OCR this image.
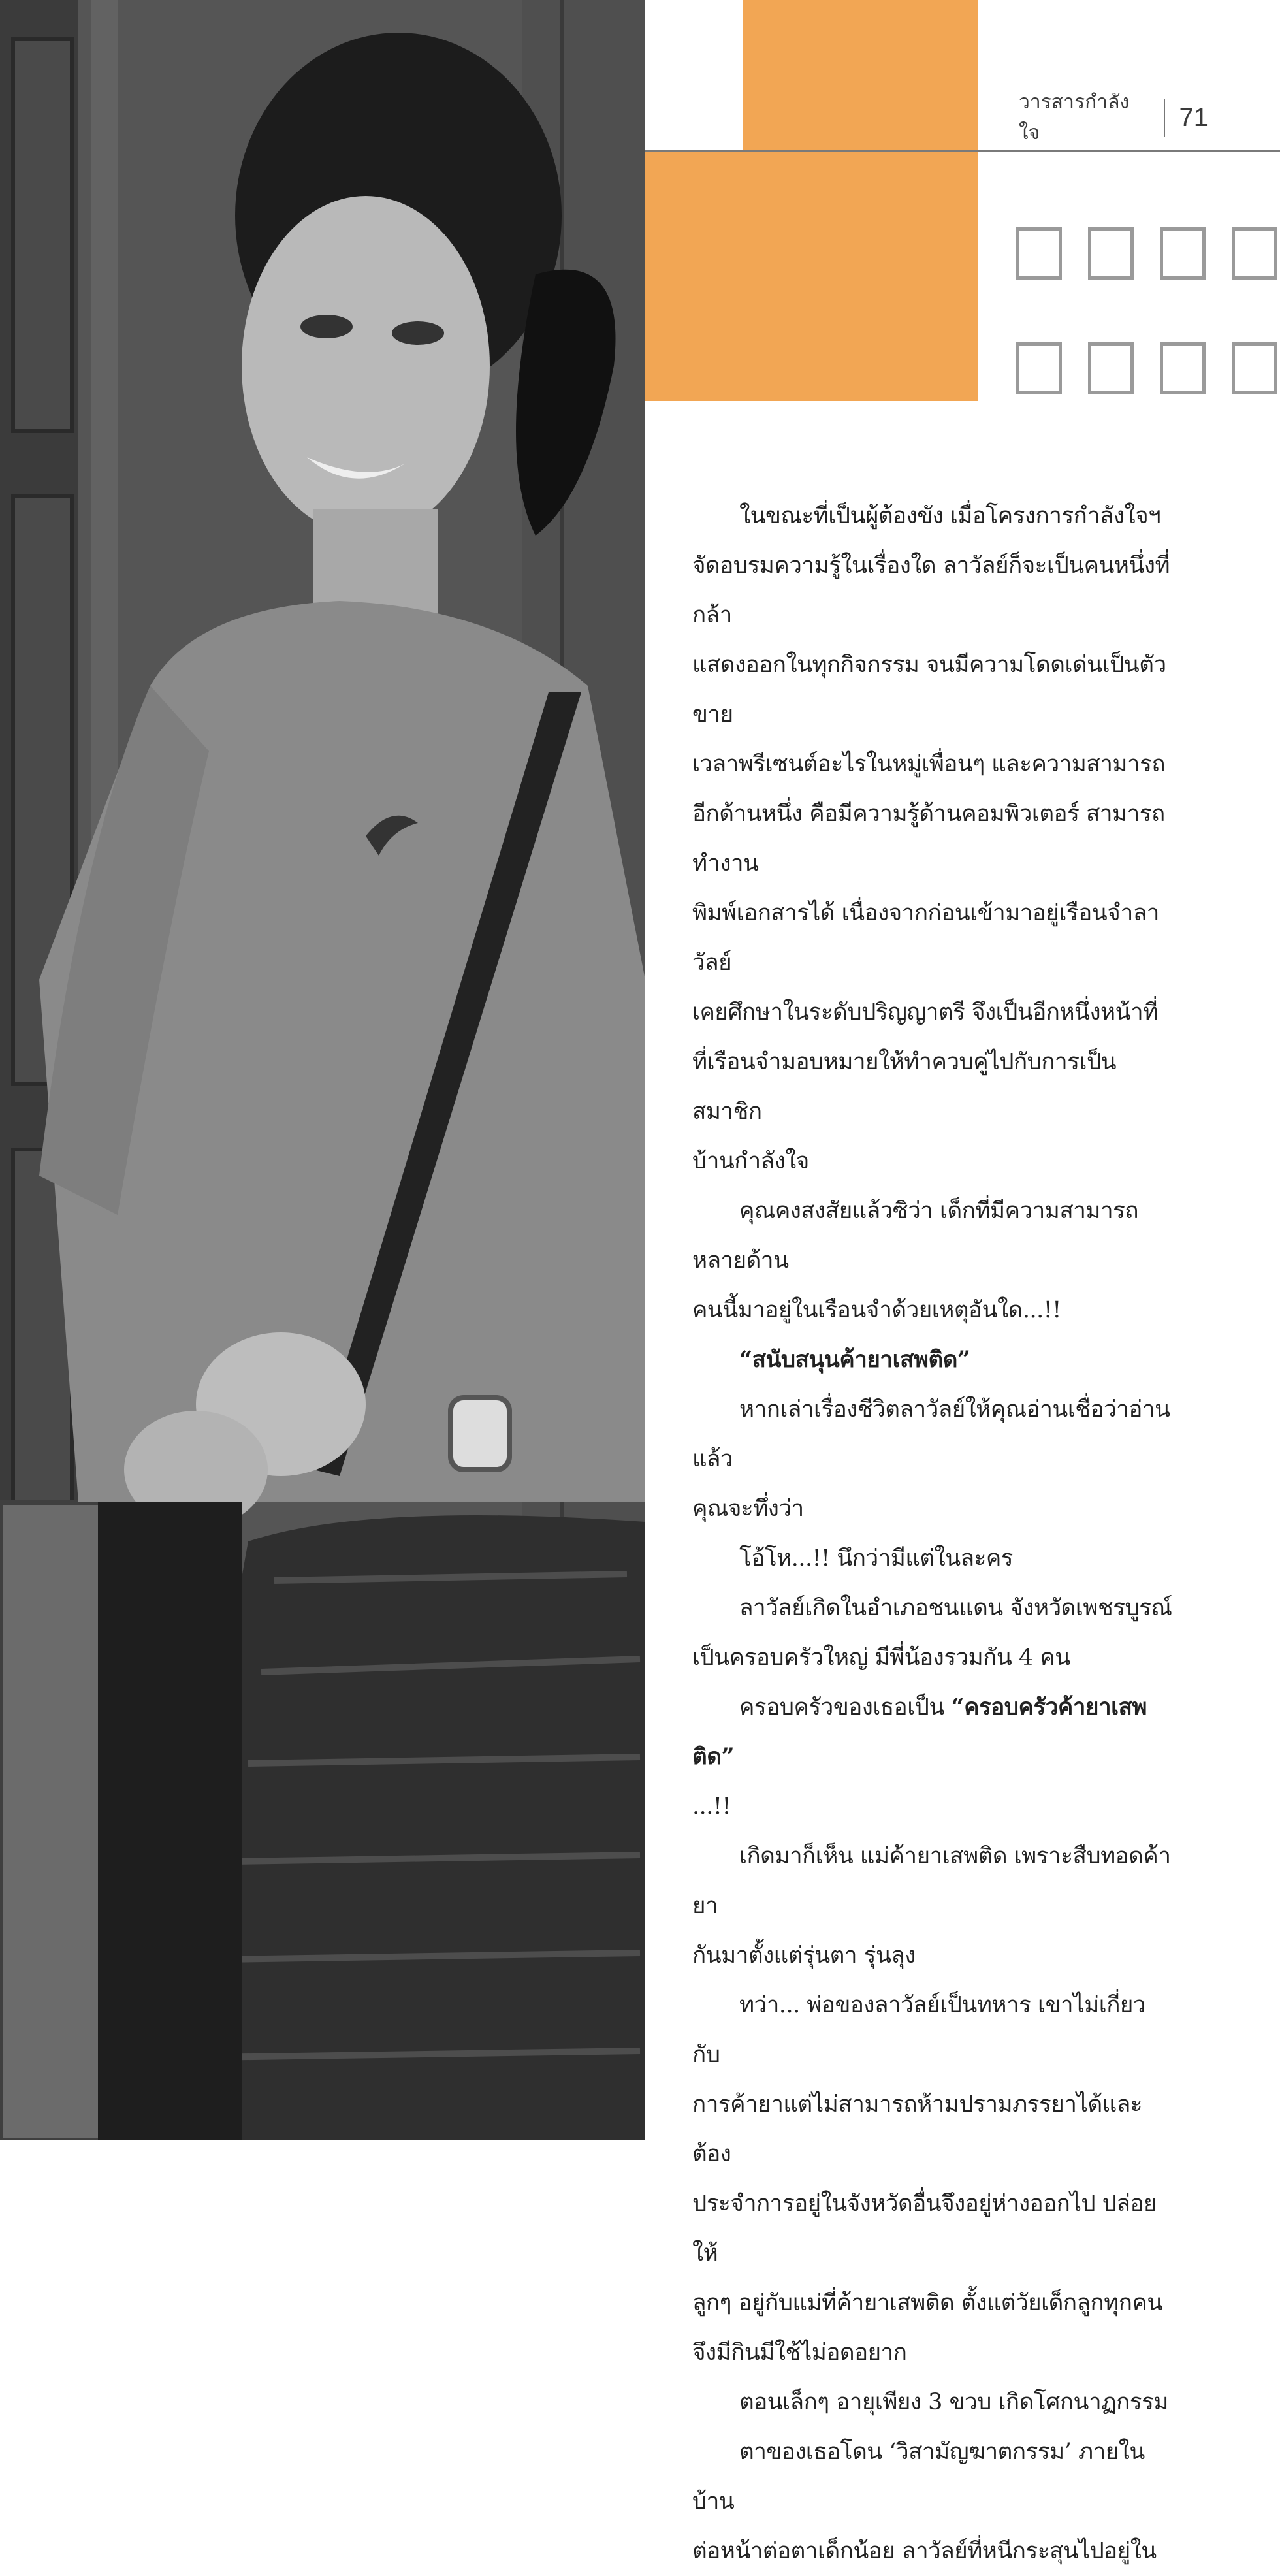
วารสารกำลังใจ
71
ในขณะที่เป็นผู้ต้องขัง เมื่อโครงการกำลังใจฯ
จัดอบรมความรู้ในเรื่องใด ลาวัลย์ก็จะเป็นคนหนึ่งที่กล้า
แสดงออกในทุกกิจกรรม จนมีความโดดเด่นเป็นตัวขาย
เวลาพรีเซนต์อะไรในหมู่เพื่อนๆ และความสามารถ
อีกด้านหนึ่ง คือมีความรู้ด้านคอมพิวเตอร์ สามารถทำงาน
พิมพ์เอกสารได้ เนื่องจากก่อนเข้ามาอยู่เรือนจำลาวัลย์
เคยศึกษาในระดับปริญญาตรี จึงเป็นอีกหนึ่งหน้าที่
ที่เรือนจำมอบหมายให้ทำควบคู่ไปกับการเป็นสมาชิก
บ้านกำลังใจ
คุณคงสงสัยแล้วซิว่า เด็กที่มีความสามารถหลายด้าน
คนนี้มาอยู่ในเรือนจำด้วยเหตุอันใด...!!
“สนับสนุนค้ายาเสพติด”
หากเล่าเรื่องชีวิตลาวัลย์ให้คุณอ่านเชื่อว่าอ่านแล้ว
คุณจะทึ่งว่า
โอ้โห...!! นึกว่ามีแต่ในละคร
ลาวัลย์เกิดในอำเภอชนแดน จังหวัดเพชรบูรณ์
เป็นครอบครัวใหญ่ มีพี่น้องรวมกัน 4 คน
ครอบครัวของเธอเป็น “ครอบครัวค้ายาเสพติด”
...!!
เกิดมาก็เห็น แม่ค้ายาเสพติด เพราะสืบทอดค้ายา
กันมาตั้งแต่รุ่นตา รุ่นลุง
ทว่า... พ่อของลาวัลย์เป็นทหาร เขาไม่เกี่ยวกับ
การค้ายาแต่ไม่สามารถห้ามปรามภรรยาได้และต้อง
ประจำการอยู่ในจังหวัดอื่นจึงอยู่ห่างออกไป ปล่อยให้
ลูกๆ อยู่กับแม่ที่ค้ายาเสพติด ตั้งแต่วัยเด็กลูกทุกคน
จึงมีกินมีใช้ไม่อดอยาก
ตอนเล็กๆ อายุเพียง 3 ขวบ เกิดโศกนาฏกรรม
ตาของเธอโดน ‘วิสามัญฆาตกรรม’ ภายในบ้าน
ต่อหน้าต่อตาเด็กน้อย ลาวัลย์ที่หนีกระสุนไปอยู่ใน
